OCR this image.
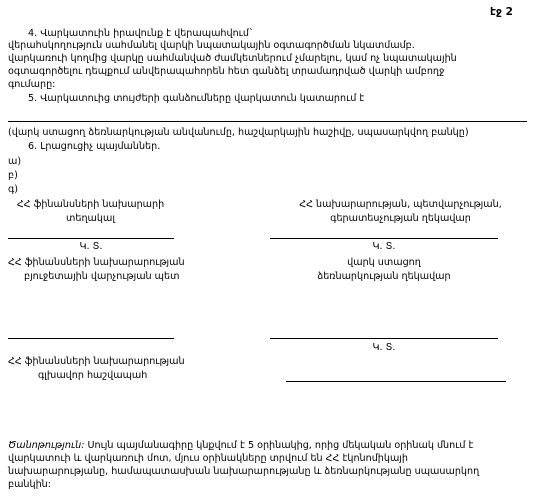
էջ 2
4. Վարկատուին իրավունք է վերապահվում`
վերահսկողություն սահմանել վարկի նպատակային օգտագործման նկատմամբ.
վարկառուի կողմից վարկը սահմանված ժամկետներում չմարելու, կամ ոչ նպատակային
օգտագործելու դեպքում անվերապահորեն հետ գանձել տրամադրված վարկի ամբողջ
գումարը:
5. Վարկատուից տույժերի գանձումները վարկատուն կատարում է
(վարկ ստացող ձեռնարկության անվանումը, հաշվարկային հաշիվը, սպասարկվող բանկը)
6. Լրացուցիչ պայմաններ.
ա)
բ)
գ)
ՀՀ ֆինանսների նախարարի
տեղակալ
ՀՀ նախարարության, պետվարչության,
գերատեսչության ղեկավար
Կ. Տ.	Կ. Տ.
ՀՀ ֆինանսների նախարարության
բյուջետային վարչության պետ
վարկ ստացող
ձեռնարկության ղեկավար
Կ. Տ.
ՀՀ ֆինանսների նախարարության
գլխավոր հաշվապահ
Ծանոթություն: Սույն պայմանագիրը կնքվում է 5 օրինակից, որից մեկական օրինակ մնում է
վարկատուի և վարկառուի մոտ, մյուս օրինակները տրվում են ՀՀ էկոնոմիկայի
նախարարությանը, համապատասխան նախարարությանը և ձեռնարկությանը սպասարկող
բանկին:
